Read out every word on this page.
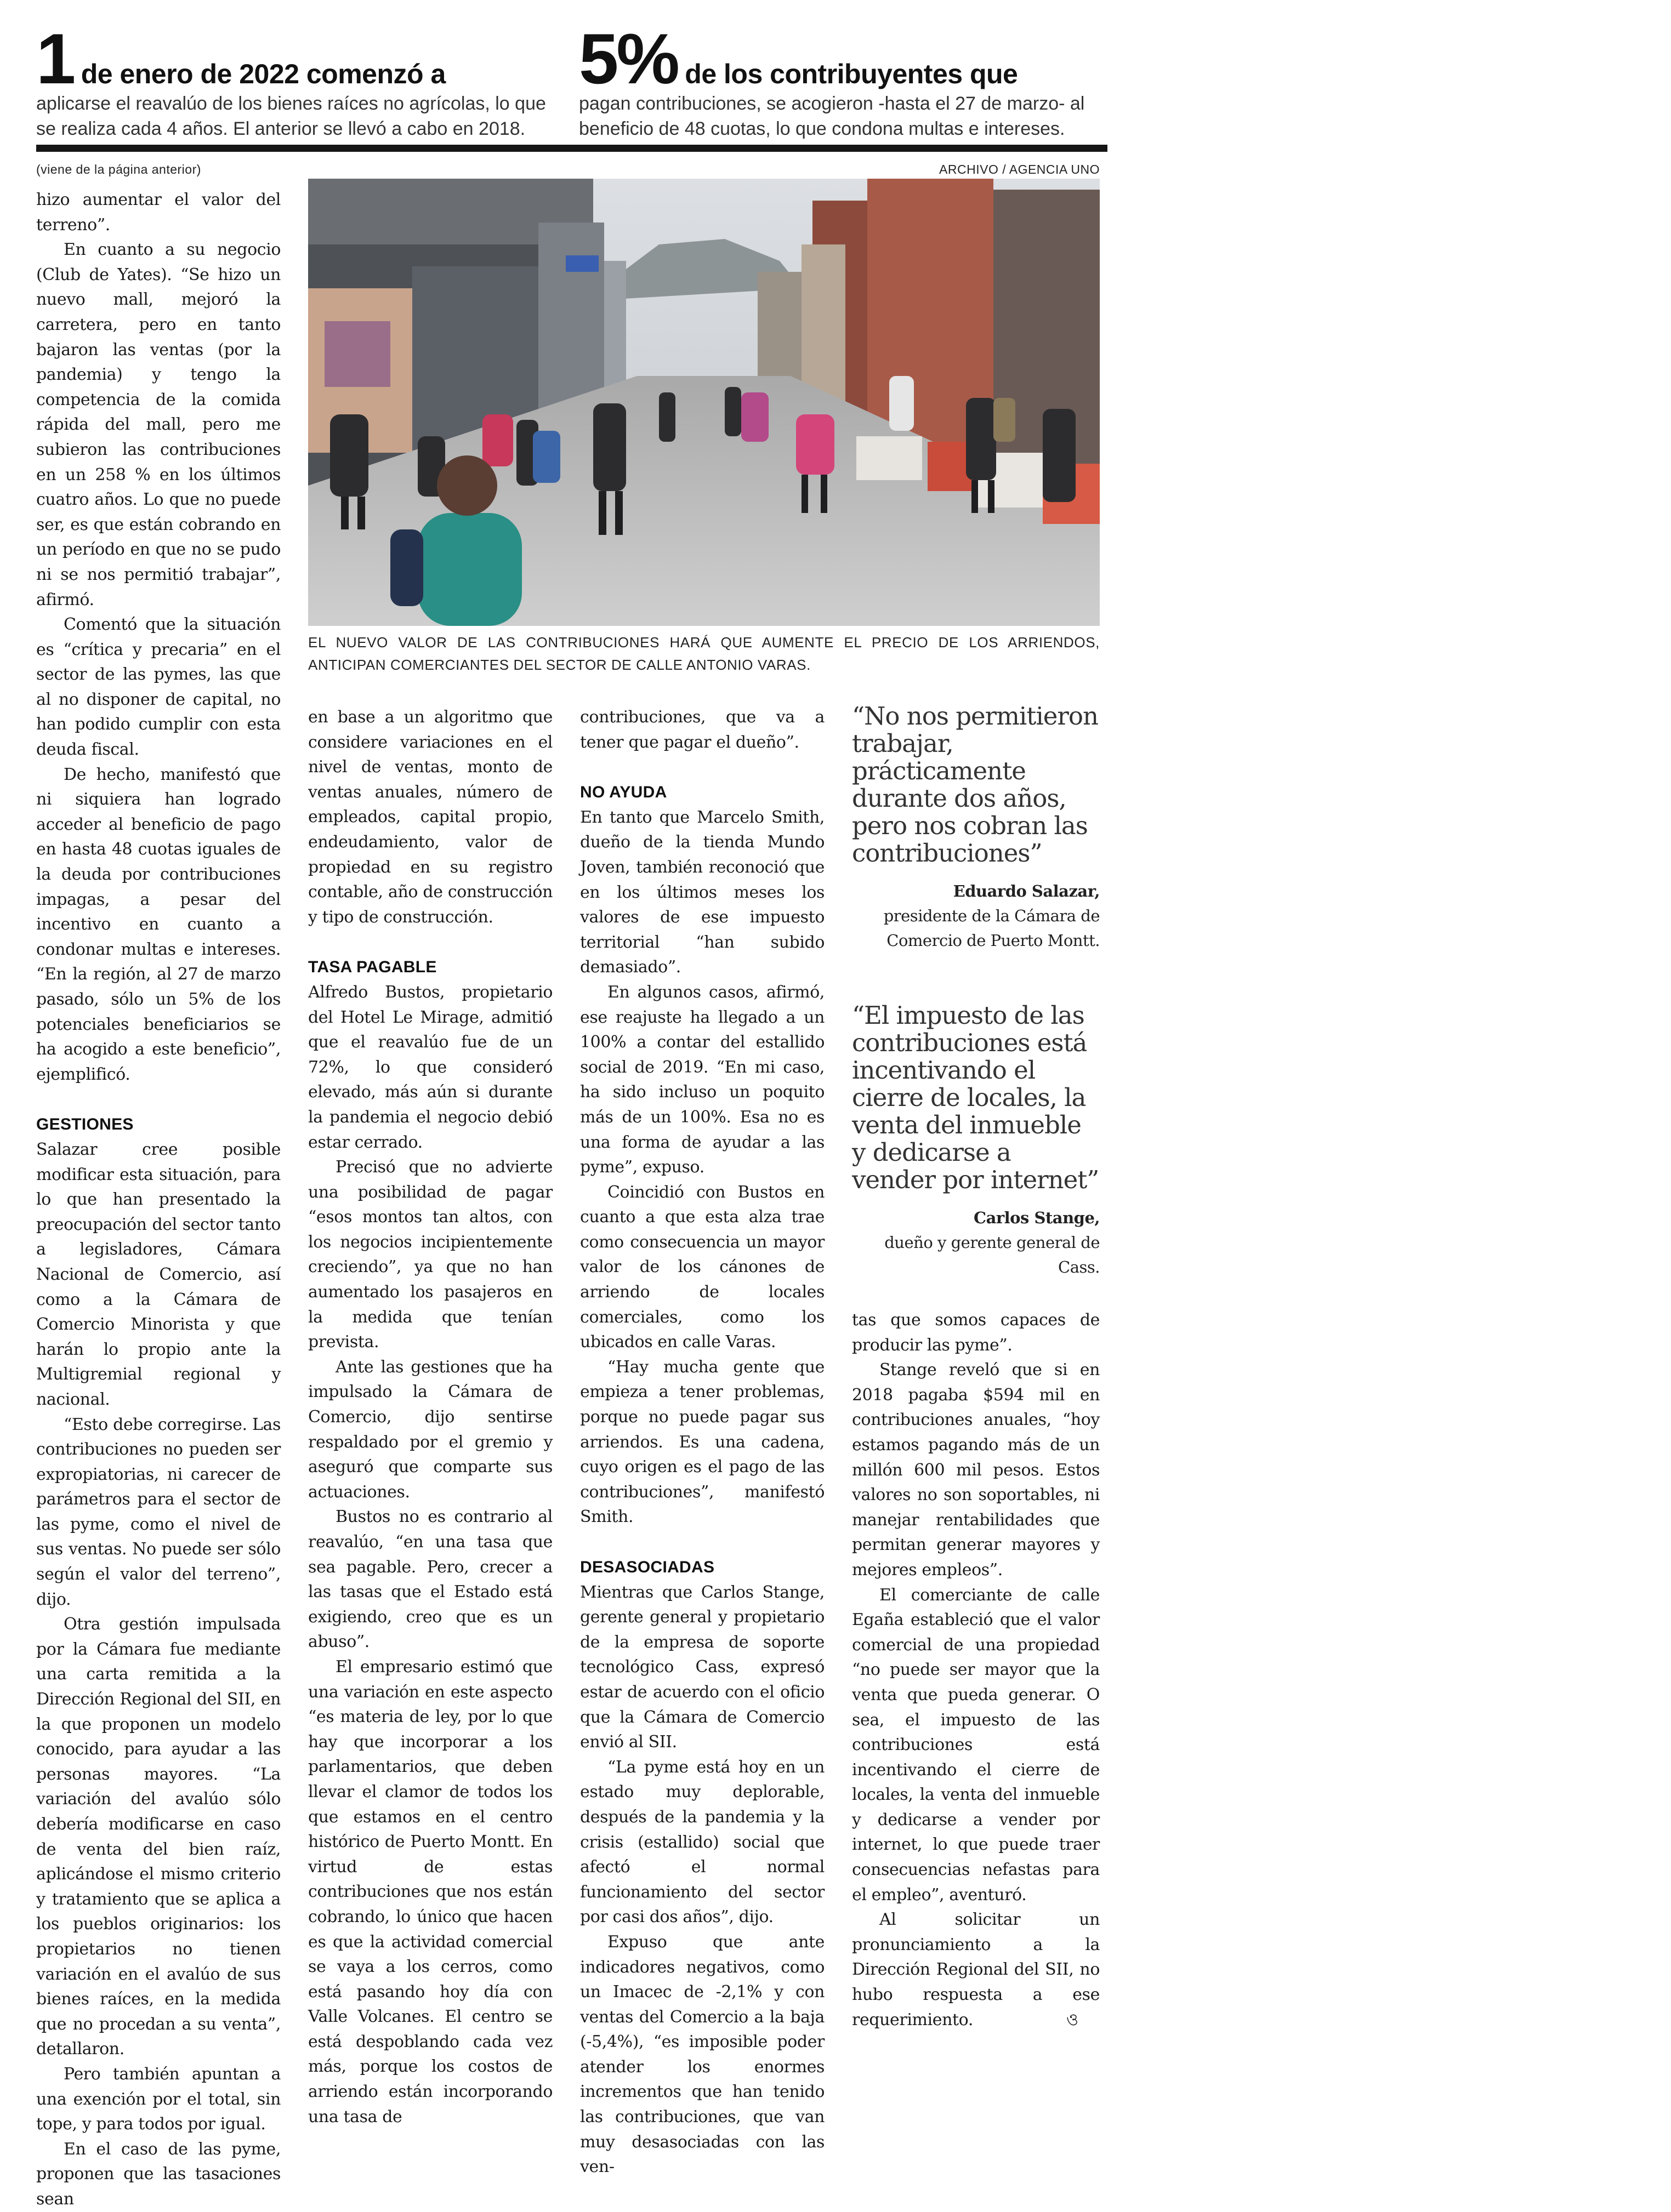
1 de enero de 2022 comenzó a
aplicarse el reavalúo de los bienes raíces no agrícolas, lo que se realiza cada 4 años. El anterior se llevó a cabo en 2018.
5% de los contribuyentes que
pagan contribuciones, se acogieron -hasta el 27 de marzo- al beneficio de 48 cuotas, lo que condona multas e intereses.
(viene de la página anterior)	ARCHIVO / AGENCIA UNO
EL NUEVO VALOR DE LAS CONTRIBUCIONES HARÁ QUE AUMENTE EL PRECIO DE LOS ARRIENDOS, ANTICIPAN COMERCIANTES DEL SECTOR DE CALLE ANTONIO VARAS.

hizo aumentar el valor del terreno”.

En cuanto a su negocio (Club de Yates). “Se hizo un nuevo mall, mejoró la carretera, pero en tanto bajaron las ventas (por la pandemia) y tengo la competencia de la comida rápida del mall, pero me subieron las contribuciones en un 258 % en los últimos cuatro años. Lo que no puede ser, es que están cobrando en un período en que no se pudo ni se nos permitió trabajar”, afirmó.

Comentó que la situación es “crítica y precaria” en el sector de las pymes, las que al no disponer de capital, no han podido cumplir con esta deuda fiscal.

De hecho, manifestó que ni siquiera han logrado acceder al beneficio de pago en hasta 48 cuotas iguales de la deuda por contribuciones impagas, a pesar del incentivo en cuanto a condonar multas e intereses. “En la región, al 27 de marzo pasado, sólo un 5% de los potenciales beneficiarios se ha acogido a este beneficio”, ejemplificó.

GESTIONES

Salazar cree posible modificar esta situación, para lo que han presentado la preocupación del sector tanto a legisladores, Cámara Nacional de Comercio, así como a la Cámara de Comercio Minorista y que harán lo propio ante la Multigremial regional y nacional.

“Esto debe corregirse. Las contribuciones no pueden ser expropiatorias, ni carecer de parámetros para el sector de las pyme, como el nivel de sus ventas. No puede ser sólo según el valor del terreno”, dijo.

Otra gestión impulsada por la Cámara fue mediante una carta remitida a la Dirección Regional del SII, en la que proponen un modelo conocido, para ayudar a las personas mayores. “La variación del avalúo sólo debería modificarse en caso de venta del bien raíz, aplicándose el mismo criterio y tratamiento que se aplica a los pueblos originarios: los propietarios no tienen variación en el avalúo de sus bienes raíces, en la medida que no procedan a su venta”, detallaron.

Pero también apuntan a una exención por el total, sin tope, y para todos por igual.

En el caso de las pyme, proponen que las tasaciones sean

en base a un algoritmo que considere variaciones en el nivel de ventas, monto de ventas anuales, número de empleados, capital propio, endeudamiento, valor de propiedad en su registro contable, año de construcción y tipo de construcción.

TASA PAGABLE

Alfredo Bustos, propietario del Hotel Le Mirage, admitió que el reavalúo fue de un 72%, lo que consideró elevado, más aún si durante la pandemia el negocio debió estar cerrado.

Precisó que no advierte una posibilidad de pagar “esos montos tan altos, con los negocios incipientemente creciendo”, ya que no han aumentado los pasajeros en la medida que tenían prevista.

Ante las gestiones que ha impulsado la Cámara de Comercio, dijo sentirse respaldado por el gremio y aseguró que comparte sus actuaciones.

Bustos no es contrario al reavalúo, “en una tasa que sea pagable. Pero, crecer a las tasas que el Estado está exigiendo, creo que es un abuso”.

El empresario estimó que una variación en este aspecto “es materia de ley, por lo que hay que incorporar a los parlamentarios, que deben llevar el clamor de todos los que estamos en el centro histórico de Puerto Montt. En virtud de estas contribuciones que nos están cobrando, lo único que hacen es que la actividad comercial se vaya a los cerros, como está pasando hoy día con Valle Volcanes. El centro se está despoblando cada vez más, porque los costos de arriendo están incorporando una tasa de

contribuciones, que va a tener que pagar el dueño”.

NO AYUDA

En tanto que Marcelo Smith, dueño de la tienda Mundo Joven, también reconoció que en los últimos meses los valores de ese impuesto territorial “han subido demasiado”.

En algunos casos, afirmó, ese reajuste ha llegado a un 100% a contar del estallido social de 2019. “En mi caso, ha sido incluso un poquito más de un 100%. Esa no es una forma de ayudar a las pyme”, expuso.

Coincidió con Bustos en cuanto a que esta alza trae como consecuencia un mayor valor de los cánones de arriendo de locales comerciales, como los ubicados en calle Varas.

“Hay mucha gente que empieza a tener problemas, porque no puede pagar sus arriendos. Es una cadena, cuyo origen es el pago de las contribuciones”, manifestó Smith.

DESASOCIADAS

Mientras que Carlos Stange, gerente general y propietario de la empresa de soporte tecnológico Cass, expresó estar de acuerdo con el oficio que la Cámara de Comercio envió al SII.

“La pyme está hoy en un estado muy deplorable, después de la pandemia y la crisis (estallido) social que afectó el normal funcionamiento del sector por casi dos años”, dijo.

Expuso que ante indicadores negativos, como un Imacec de -2,1% y con ventas del Comercio a la baja (-5,4%), “es imposible poder atender los enormes incrementos que han tenido las contribuciones, que van muy desasociadas con las ven-

“No nos permitieron trabajar, prácticamente durante dos años, pero nos cobran las contribuciones”
Eduardo Salazar,
presidente de la Cámara de Comercio de Puerto Montt.
“El impuesto de las contribuciones está incentivando el cierre de locales, la venta del inmueble y dedicarse a vender por internet”
Carlos Stange,
dueño y gerente general de Cass.

tas que somos capaces de producir las pyme”.

Stange reveló que si en 2018 pagaba $594 mil en contribuciones anuales, “hoy estamos pagando más de un millón 600 mil pesos. Estos valores no son soportables, ni manejar rentabilidades que permitan generar mayores y mejores empleos”.

El comerciante de calle Egaña estableció que el valor comercial de una propiedad “no puede ser mayor que la venta que pueda generar. O sea, el impuesto de las contribuciones está incentivando el cierre de locales, la venta del inmueble y dedicarse a vender por internet, lo que puede traer consecuencias nefastas para el empleo”, aventuró.

Al solicitar un pronunciamiento a la Dirección Regional del SII, no hubo respuesta a ese requerimiento.	ও
